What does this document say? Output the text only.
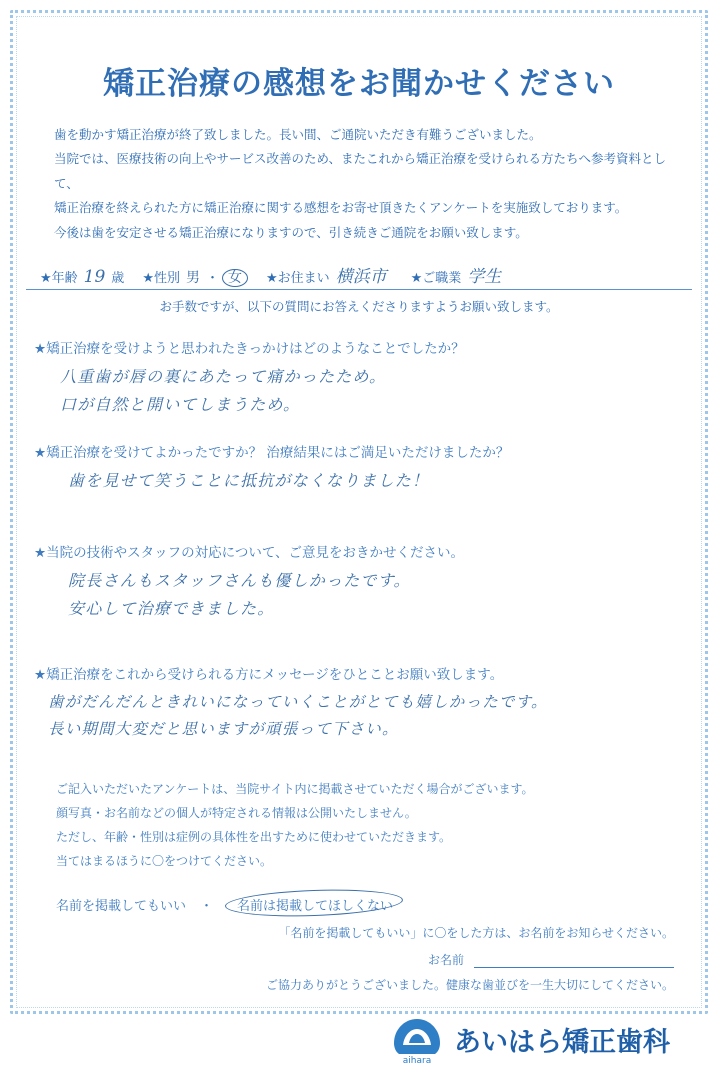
矯正治療の感想をお聞かせください
歯を動かす矯正治療が終了致しました。長い間、ご通院いただき有難うございました。
当院では、医療技術の向上やサービス改善のため、またこれから矯正治療を受けられる方たちへ参考資料として、
矯正治療を終えられた方に矯正治療に関する感想をお寄せ頂きたくアンケートを実施致しております。
今後は歯を安定させる矯正治療になりますので、引き続きご通院をお願い致します。
★年齢 19 歳 ★性別 男 ・ 女	★お住まい 横浜市	★ご職業 学生
お手数ですが、以下の質問にお答えくださりますようお願い致します。
★矯正治療を受けようと思われたきっかけはどのようなことでしたか？
八重歯が唇の裏にあたって痛かったため。
口が自然と開いてしまうため。
★矯正治療を受けてよかったですか？ 治療結果にはご満足いただけましたか？
歯を見せて笑うことに抵抗がなくなりました！
★当院の技術やスタッフの対応について、ご意見をおきかせください。
院長さんもスタッフさんも優しかったです。
安心して治療できました。
★矯正治療をこれから受けられる方にメッセージをひとことお願い致します。
歯がだんだんときれいになっていくことがとても嬉しかったです。
長い期間大変だと思いますが頑張って下さい。
ご記入いただいたアンケートは、当院サイト内に掲載させていただく場合がございます。
顔写真・お名前などの個人が特定される情報は公開いたしません。
ただし、年齢・性別は症例の具体性を出すために使わせていただきます。
当てはまるほうに〇をつけてください。
名前を掲載してもいい ・	名前は掲載してほしくない
「名前を掲載してもいい」に〇をした方は、お名前をお知らせください。
お名前
ご協力ありがとうございました。健康な歯並びを一生大切にしてください。
aihara
あいはら矯正歯科
